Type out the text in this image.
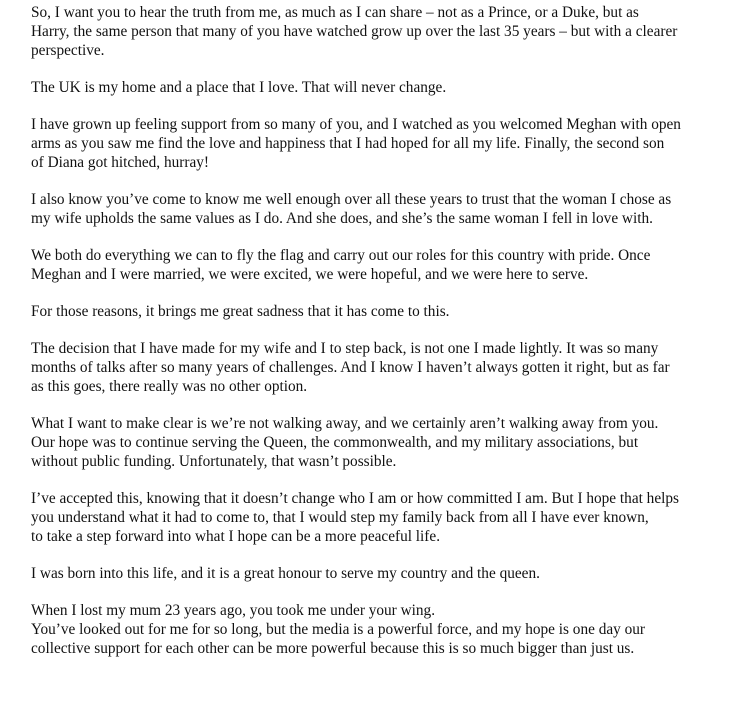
So, I want you to hear the truth from me, as much as I can share – not as a Prince, or a Duke, but as
Harry, the same person that many of you have watched grow up over the last 35 years – but with a clearer
perspective.

The UK is my home and a place that I love. That will never change.

I have grown up feeling support from so many of you, and I watched as you welcomed Meghan with open
arms as you saw me find the love and happiness that I had hoped for all my life. Finally, the second son
of Diana got hitched, hurray!

I also know you’ve come to know me well enough over all these years to trust that the woman I chose as
my wife upholds the same values as I do. And she does, and she’s the same woman I fell in love with.

We both do everything we can to fly the flag and carry out our roles for this country with pride. Once
Meghan and I were married, we were excited, we were hopeful, and we were here to serve.

For those reasons, it brings me great sadness that it has come to this.

The decision that I have made for my wife and I to step back, is not one I made lightly. It was so many
months of talks after so many years of challenges. And I know I haven’t always gotten it right, but as far
as this goes, there really was no other option.

What I want to make clear is we’re not walking away, and we certainly aren’t walking away from you.
Our hope was to continue serving the Queen, the commonwealth, and my military associations, but
without public funding. Unfortunately, that wasn’t possible.

I’ve accepted this, knowing that it doesn’t change who I am or how committed I am. But I hope that helps
you understand what it had to come to, that I would step my family back from all I have ever known,
to take a step forward into what I hope can be a more peaceful life.

I was born into this life, and it is a great honour to serve my country and the queen.

When I lost my mum 23 years ago, you took me under your wing.
You’ve looked out for me for so long, but the media is a powerful force, and my hope is one day our
collective support for each other can be more powerful because this is so much bigger than just us.
